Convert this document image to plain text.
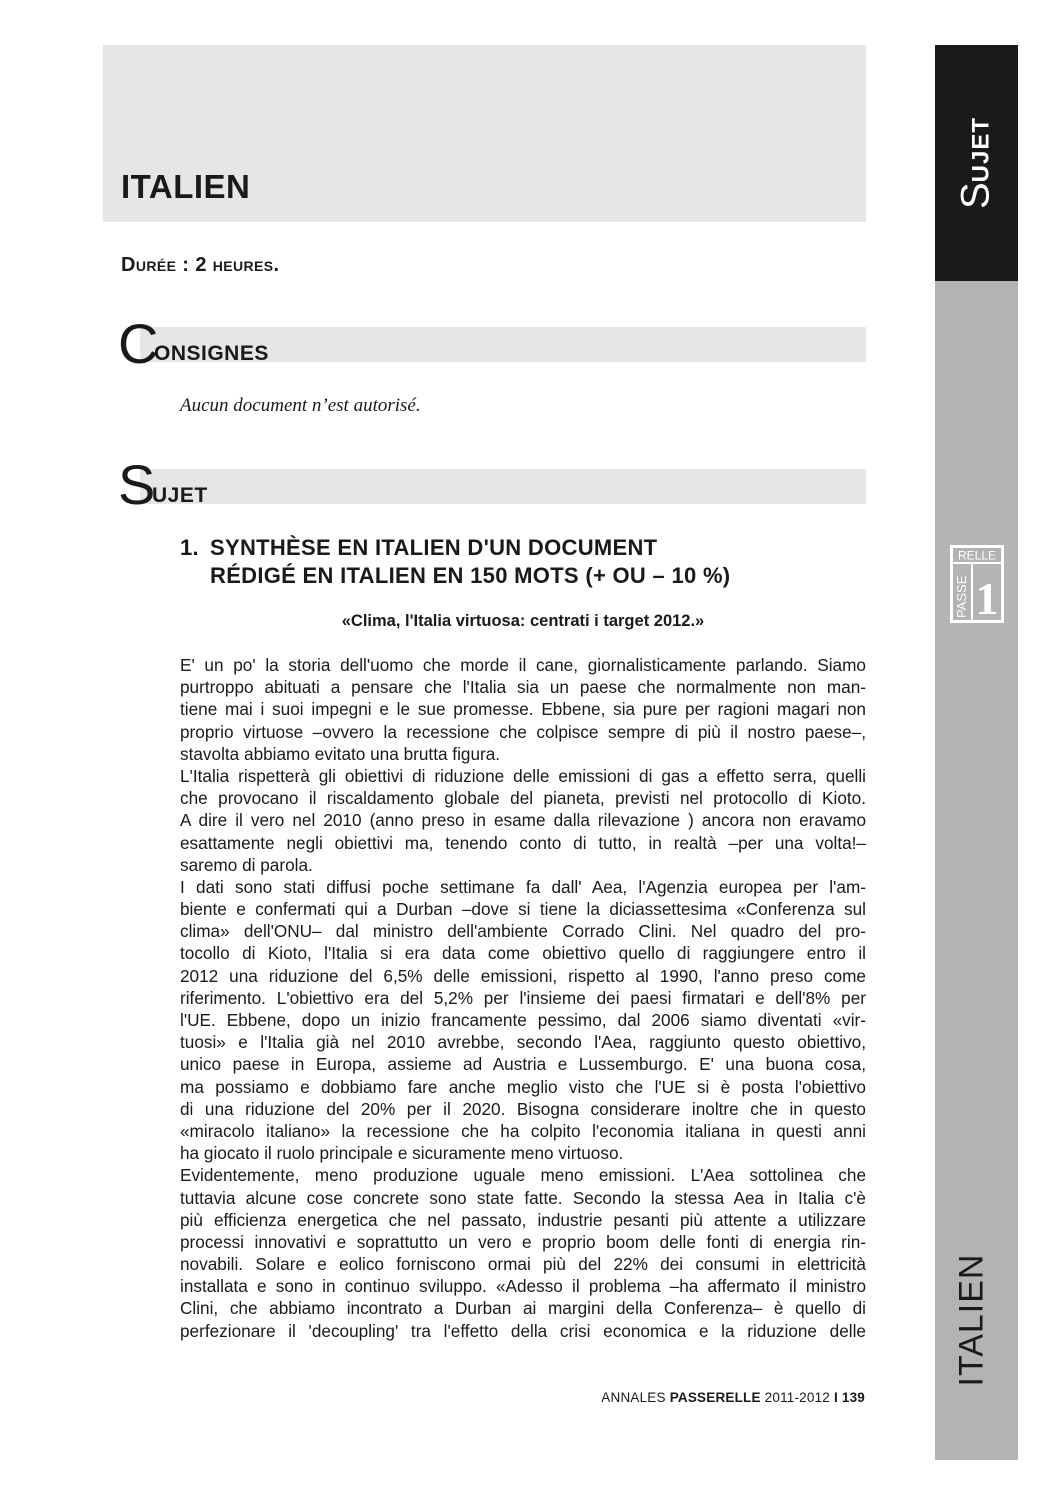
ITALIEN
Durée : 2 heures.
C
ONSIGNES
Aucun document n’est autorisé.
S
UJET
1. SYNTHÈSE EN ITALIEN D'UN DOCUMENT
RÉDIGÉ EN ITALIEN EN 150 MOTS (+ OU – 10 %)
«Clima, l'Italia virtuosa: centrati i target 2012.»
E' un po' la storia dell'uomo che morde il cane, giornalisticamente parlando. Siamo
purtroppo abituati a pensare che l'Italia sia un paese che normalmente non man-
tiene mai i suoi impegni e le sue promesse. Ebbene, sia pure per ragioni magari non
proprio virtuose –ovvero la recessione che colpisce sempre di più il nostro paese–,
stavolta abbiamo evitato una brutta figura.
L'Italia rispetterà gli obiettivi di riduzione delle emissioni di gas a effetto serra, quelli
che provocano il riscaldamento globale del pianeta, previsti nel protocollo di Kioto.
A dire il vero nel 2010 (anno preso in esame dalla rilevazione ) ancora non eravamo
esattamente negli obiettivi ma, tenendo conto di tutto, in realtà –per una volta!–
saremo di parola.
I dati sono stati diffusi poche settimane fa dall' Aea, l'Agenzia europea per l'am-
biente e confermati qui a Durban –dove si tiene la diciassettesima «Conferenza sul
clima» dell'ONU– dal ministro dell'ambiente Corrado Clini. Nel quadro del pro-
tocollo di Kioto, l'Italia si era data come obiettivo quello di raggiungere entro il
2012 una riduzione del 6,5% delle emissioni, rispetto al 1990, l'anno preso come
riferimento. L'obiettivo era del 5,2% per l'insieme dei paesi firmatari e dell'8% per
l'UE. Ebbene, dopo un inizio francamente pessimo, dal 2006 siamo diventati «vir-
tuosi» e l'Italia già nel 2010 avrebbe, secondo l'Aea, raggiunto questo obiettivo,
unico paese in Europa, assieme ad Austria e Lussemburgo. E' una buona cosa,
ma possiamo e dobbiamo fare anche meglio visto che l'UE si è posta l'obiettivo
di una riduzione del 20% per il 2020. Bisogna considerare inoltre che in questo
«miracolo italiano» la recessione che ha colpito l'economia italiana in questi anni
ha giocato il ruolo principale e sicuramente meno virtuoso.
Evidentemente, meno produzione uguale meno emissioni. L'Aea sottolinea che
tuttavia alcune cose concrete sono state fatte. Secondo la stessa Aea in Italia c'è
più efficienza energetica che nel passato, industrie pesanti più attente a utilizzare
processi innovativi e soprattutto un vero e proprio boom delle fonti di energia rin-
novabili. Solare e eolico forniscono ormai più del 22% dei consumi in elettricità
installata e sono in continuo sviluppo. «Adesso il problema –ha affermato il ministro
Clini, che abbiamo incontrato a Durban ai margini della Conferenza– è quello di
perfezionare il 'decoupling' tra l'effetto della crisi economica e la riduzione delle
ANNALES PASSERELLE 2011-2012 I 139
SUJET
ITALIEN
RELLE
PASSE 1
